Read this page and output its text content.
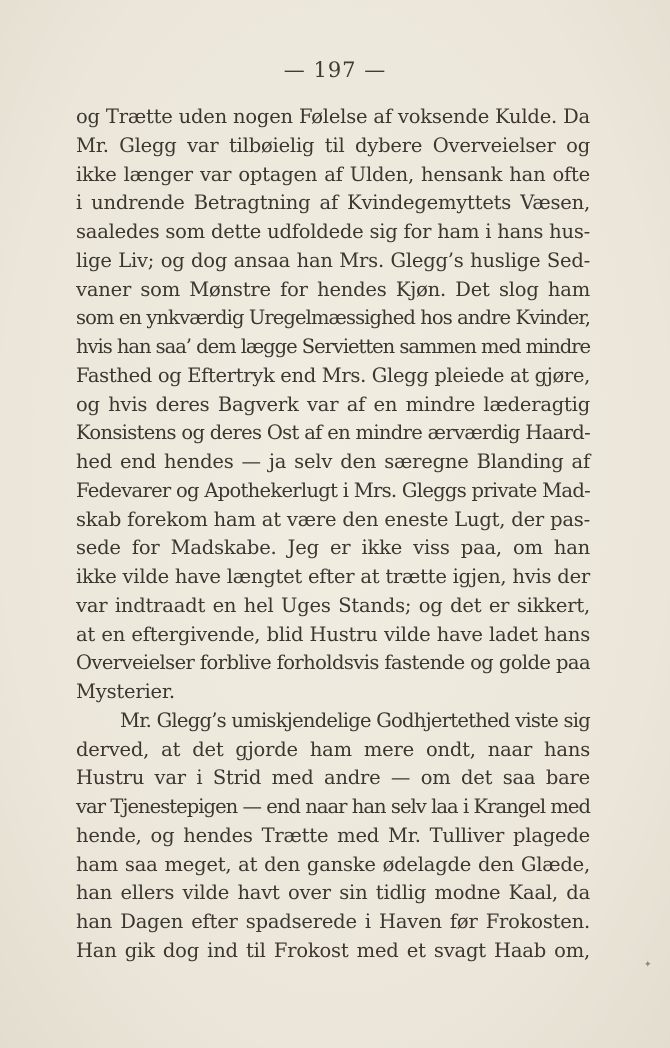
— 197 —
og Trætte uden nogen Følelse af voksende Kulde. Da
Mr. Glegg var tilbøielig til dybere Overveielser og
ikke længer var optagen af Ulden, hensank han ofte
i undrende Betragtning af Kvindegemyttets Væsen,
saaledes som dette udfoldede sig for ham i hans hus-
lige Liv; og dog ansaa han Mrs. Glegg’s huslige Sed-
vaner som Mønstre for hendes Kjøn. Det slog ham
som en ynkværdig Uregelmæssighed hos andre Kvinder,
hvis han saa’ dem lægge Servietten sammen med mindre
Fasthed og Eftertryk end Mrs. Glegg pleiede at gjøre,
og hvis deres Bagverk var af en mindre læderagtig
Konsistens og deres Ost af en mindre ærværdig Haard-
hed end hendes — ja selv den særegne Blanding af
Fedevarer og Apothekerlugt i Mrs. Gleggs private Mad-
skab forekom ham at være den eneste Lugt, der pas-
sede for Madskabe. Jeg er ikke viss paa, om han
ikke vilde have længtet efter at trætte igjen, hvis der
var indtraadt en hel Uges Stands; og det er sikkert,
at en eftergivende, blid Hustru vilde have ladet hans
Overveielser forblive forholdsvis fastende og golde paa
Mysterier.
Mr. Glegg’s umiskjendelige Godhjertethed viste sig
derved, at det gjorde ham mere ondt, naar hans
Hustru var i Strid med andre — om det saa bare
var Tjenestepigen — end naar han selv laa i Krangel med
hende, og hendes Trætte med Mr. Tulliver plagede
ham saa meget, at den ganske ødelagde den Glæde,
han ellers vilde havt over sin tidlig modne Kaal, da
han Dagen efter spadserede i Haven før Frokosten.
Han gik dog ind til Frokost med et svagt Haab om,
✦
